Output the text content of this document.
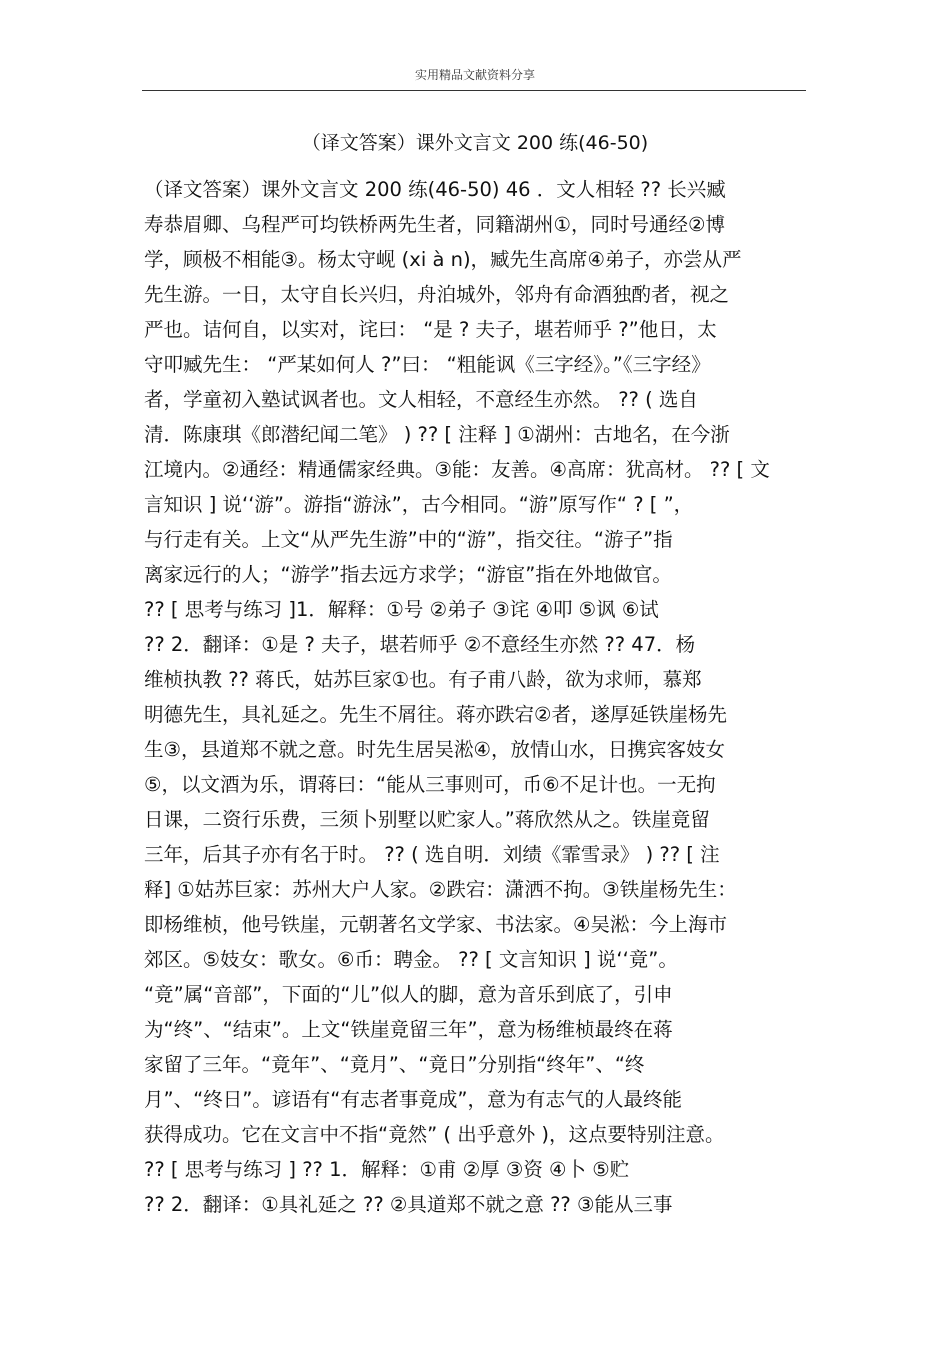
实用精品文献资料分享
（译文答案）课外文言文 200 练(46-50)
（译文答案）课外文言文 200 练(46-50) 46 ．文人相轻 ?? 长兴臧
寿恭眉卿、乌程严可均铁桥两先生者，同籍湖州①，同时号通经②博
学，顾极不相能③。杨太守岘 (xi à n)，臧先生高席④弟子，亦尝从严
先生游。一日，太守自长兴归，舟泊城外，邻舟有命酒独酌者，视之
严也。诘何自，以实对，诧曰： “是 ? 夫子，堪若师乎 ?”他日，太
守叩臧先生： “严某如何人 ?”曰： “粗能讽《三字经》。”《三字经》
者，学童初入塾试讽者也。文人相轻，不意经生亦然。 ?? ( 选自
清．陈康琪《郎潜纪闻二笔》 ) ?? [ 注释 ] ①湖州：古地名，在今浙
江境内。②通经：精通儒家经典。③能：友善。④高席：犹高材。 ?? [ 文
言知识 ] 说‘‘游”。游指“游泳”，古今相同。“游”原写作“ ? [ ”，
与行走有关。上文“从严先生游”中的“游”，指交往。“游子”指
离家远行的人；“游学”指去远方求学；“游宦”指在外地做官。
?? [ 思考与练习 ]1．解释：①号 ②弟子 ③诧 ④叩 ⑤讽 ⑥试
?? 2．翻译：①是 ? 夫子，堪若师乎 ②不意经生亦然 ?? 47．杨
维桢执教 ?? 蒋氏，姑苏巨家①也。有子甫八龄，欲为求师，慕郑
明德先生，具礼延之。先生不屑往。蒋亦跌宕②者，遂厚延铁崖杨先
生③，县道郑不就之意。时先生居吴淞④，放情山水，日携宾客妓女
⑤，以文酒为乐，谓蒋曰：“能从三事则可，币⑥不足计也。一无拘
日课，二资行乐费，三须卜别墅以贮家人。”蒋欣然从之。铁崖竟留
三年，后其子亦有名于时。 ?? ( 选自明．刘绩《霏雪录》 ) ?? [ 注
释] ①姑苏巨家：苏州大户人家。②跌宕：潇洒不拘。③铁崖杨先生：
即杨维桢，他号铁崖，元朝著名文学家、书法家。④吴淞：今上海市
郊区。⑤妓女：歌女。⑥币：聘金。 ?? [ 文言知识 ] 说‘‘竟”。
“竟”属“音部”，下面的“儿”似人的脚，意为音乐到底了，引申
为“终”、“结束”。上文“铁崖竟留三年”，意为杨维桢最终在蒋
家留了三年。“竟年”、“竟月”、“竟日”分别指“终年”、“终
月”、“终日”。谚语有“有志者事竟成”，意为有志气的人最终能
获得成功。它在文言中不指“竟然” ( 出乎意外 )，这点要特别注意。
?? [ 思考与练习 ] ?? 1．解释：①甫 ②厚 ③资 ④卜 ⑤贮
?? 2．翻译：①具礼延之 ?? ②具道郑不就之意 ?? ③能从三事
